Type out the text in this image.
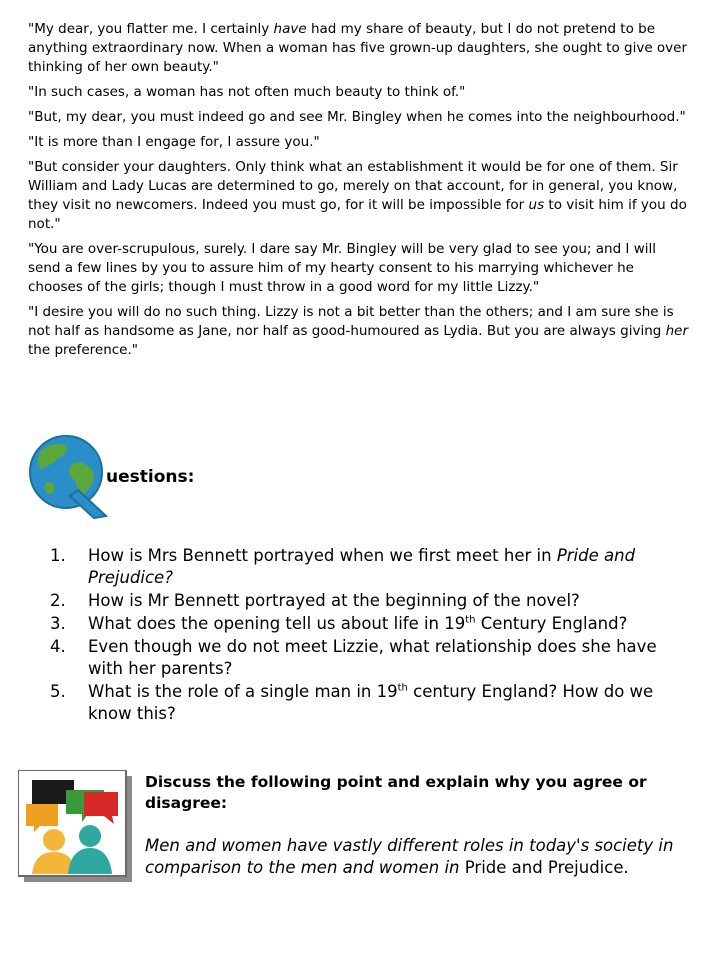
"My dear, you flatter me. I certainly have had my share of beauty, but I do not pretend to be anything extraordinary now. When a woman has five grown-up daughters, she ought to give over thinking of her own beauty."

"In such cases, a woman has not often much beauty to think of."

"But, my dear, you must indeed go and see Mr. Bingley when he comes into the neighbourhood."

"It is more than I engage for, I assure you."

"But consider your daughters. Only think what an establishment it would be for one of them. Sir William and Lady Lucas are determined to go, merely on that account, for in general, you know, they visit no newcomers. Indeed you must go, for it will be impossible for us to visit him if you do not."

"You are over-scrupulous, surely. I dare say Mr. Bingley will be very glad to see you; and I will send a few lines by you to assure him of my hearty consent to his marrying whichever he chooses of the girls; though I must throw in a good word for my little Lizzy."

"I desire you will do no such thing. Lizzy is not a bit better than the others; and I am sure she is not half as handsome as Jane, nor half as good-humoured as Lydia. But you are always giving her the preference."

uestions:
1. How is Mrs Bennett portrayed when we first meet her in Pride and Prejudice?
2. How is Mr Bennett portrayed at the beginning of the novel?
3. What does the opening tell us about life in 19th Century England?
4. Even though we do not meet Lizzie, what relationship does she have with her parents?
5. What is the role of a single man in 19th century England? How do we know this?

Discuss the following point and explain why you agree or disagree:

Men and women have vastly different roles in today's society in comparison to the men and women in Pride and Prejudice.
